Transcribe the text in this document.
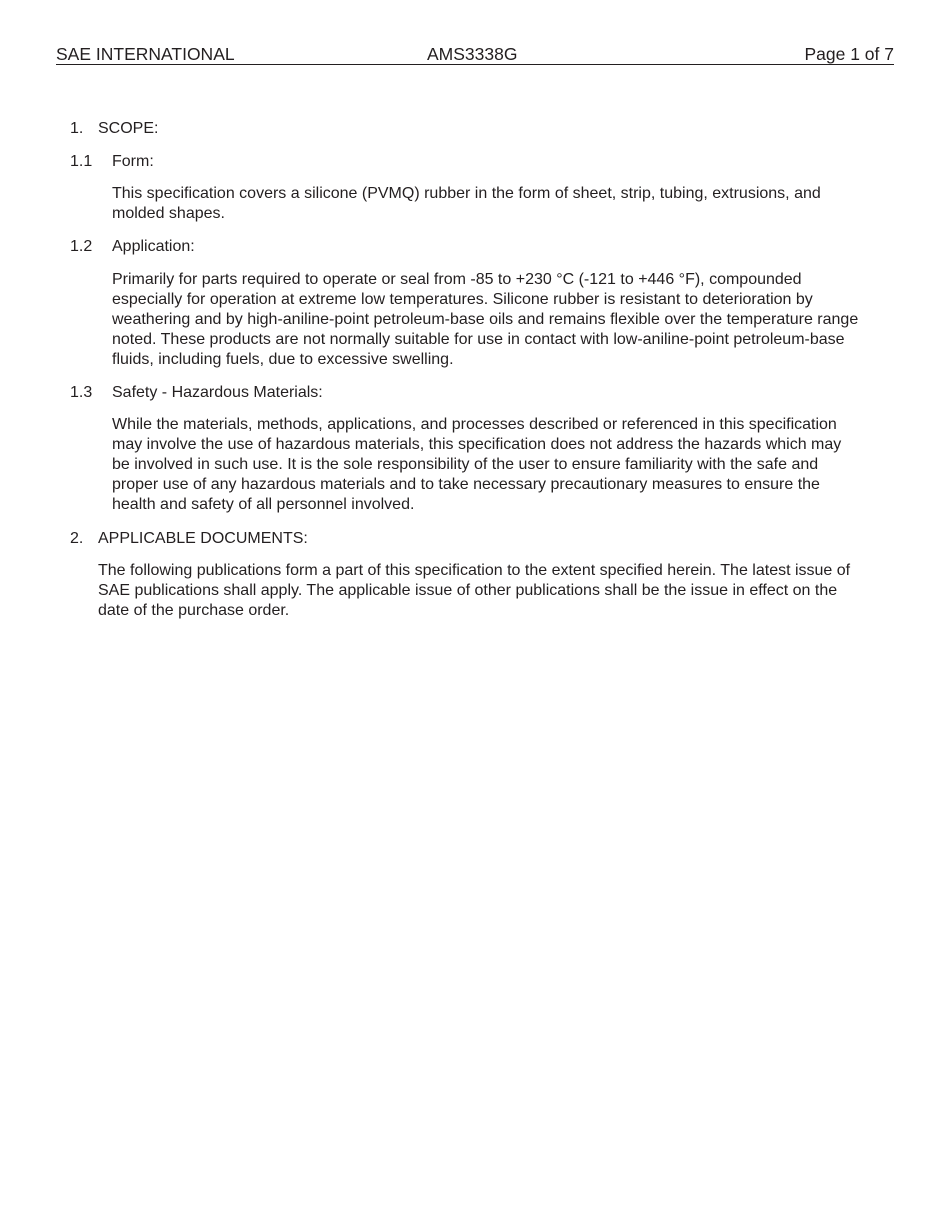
SAE INTERNATIONAL	AMS3338G	Page 1 of 7
1. SCOPE:
1.1 Form:
This specification covers a silicone (PVMQ) rubber in the form of sheet, strip, tubing, extrusions, and molded shapes.
1.2 Application:
Primarily for parts required to operate or seal from -85 to +230 °C (-121 to +446 °F), compounded especially for operation at extreme low temperatures. Silicone rubber is resistant to deterioration by weathering and by high-aniline-point petroleum-base oils and remains flexible over the temperature range noted. These products are not normally suitable for use in contact with low-aniline-point petroleum-base fluids, including fuels, due to excessive swelling.
1.3 Safety - Hazardous Materials:
While the materials, methods, applications, and processes described or referenced in this specification may involve the use of hazardous materials, this specification does not address the hazards which may be involved in such use. It is the sole responsibility of the user to ensure familiarity with the safe and proper use of any hazardous materials and to take necessary precautionary measures to ensure the health and safety of all personnel involved.
2. APPLICABLE DOCUMENTS:
The following publications form a part of this specification to the extent specified herein. The latest issue of SAE publications shall apply. The applicable issue of other publications shall be the issue in effect on the date of the purchase order.
